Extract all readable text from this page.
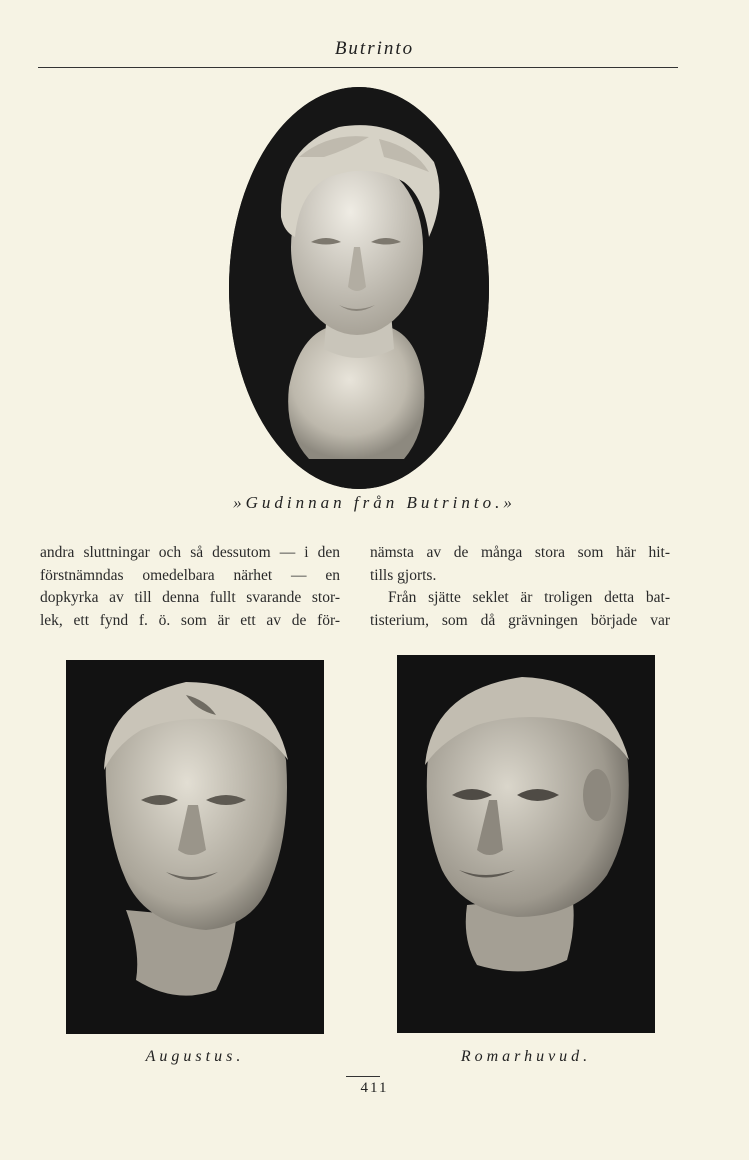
Butrinto
»Gudinnan från Butrinto.»
andra sluttningar och så dessutom — i den
förstnämndas omedelbara närhet — en
dopkyrka av till denna fullt svarande stor-
lek, ett fynd f. ö. som är ett av de för-
nämsta av de många stora som här hit-
tills gjorts.
Från sjätte seklet är troligen detta bat-
tisterium, som då grävningen började var
Augustus.	Romarhuvud.
411
